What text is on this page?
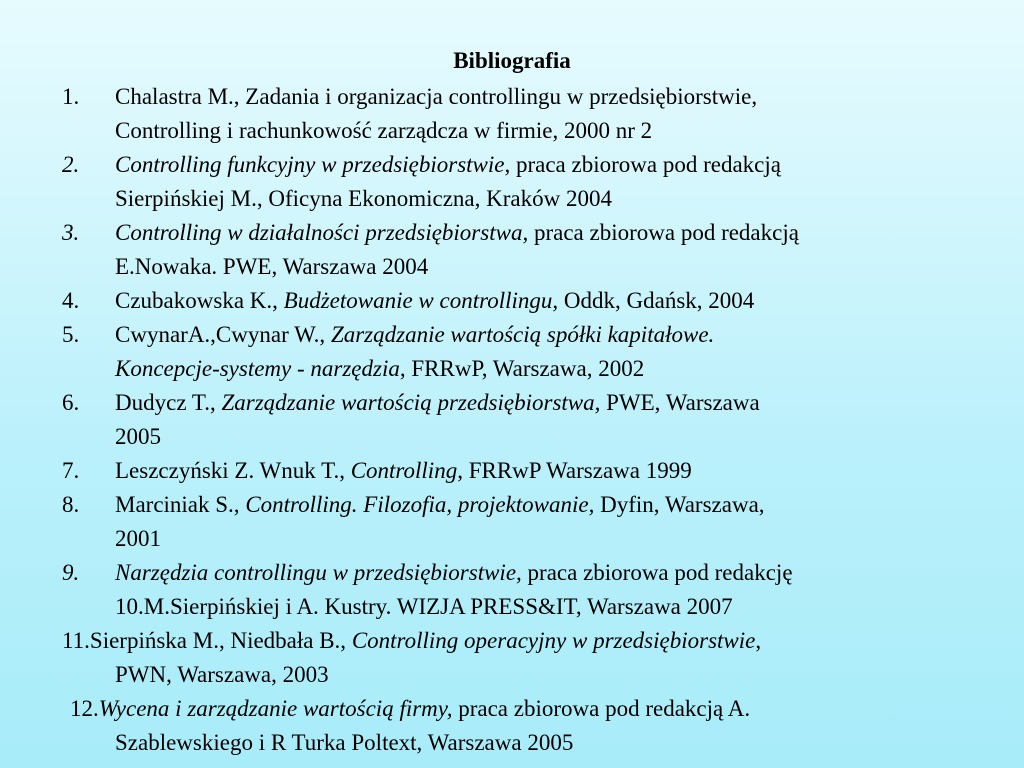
Bibliografia
1. Chalastra M., Zadania i organizacja controllingu w przedsiębiorstwie,
Controlling i rachunkowość zarządcza w firmie, 2000 nr 2
2. Controlling funkcyjny w przedsiębiorstwie, praca zbiorowa pod redakcją
Sierpińskiej M., Oficyna Ekonomiczna, Kraków 2004
3. Controlling w działalności przedsiębiorstwa, praca zbiorowa pod redakcją
E.Nowaka. PWE, Warszawa 2004
4. Czubakowska K., Budżetowanie w controllingu, Oddk, Gdańsk, 2004
5. CwynarA.,Cwynar W., Zarządzanie wartością spółki kapitałowe.
Koncepcje-systemy - narzędzia, FRRwP, Warszawa, 2002
6. Dudycz T., Zarządzanie wartością przedsiębiorstwa, PWE, Warszawa
2005
7. Leszczyński Z. Wnuk T., Controlling, FRRwP Warszawa 1999
8. Marciniak S., Controlling. Filozofia, projektowanie, Dyfin, Warszawa,
2001
9. Narzędzia controllingu w przedsiębiorstwie, praca zbiorowa pod redakcję
10.M.Sierpińskiej i A. Kustry. WIZJA PRESS&IT, Warszawa 2007
11.Sierpińska M., Niedbała B., Controlling operacyjny w przedsiębiorstwie,
PWN, Warszawa, 2003
12.Wycena i zarządzanie wartością firmy, praca zbiorowa pod redakcją A.
Szablewskiego i R Turka Poltext, Warszawa 2005
